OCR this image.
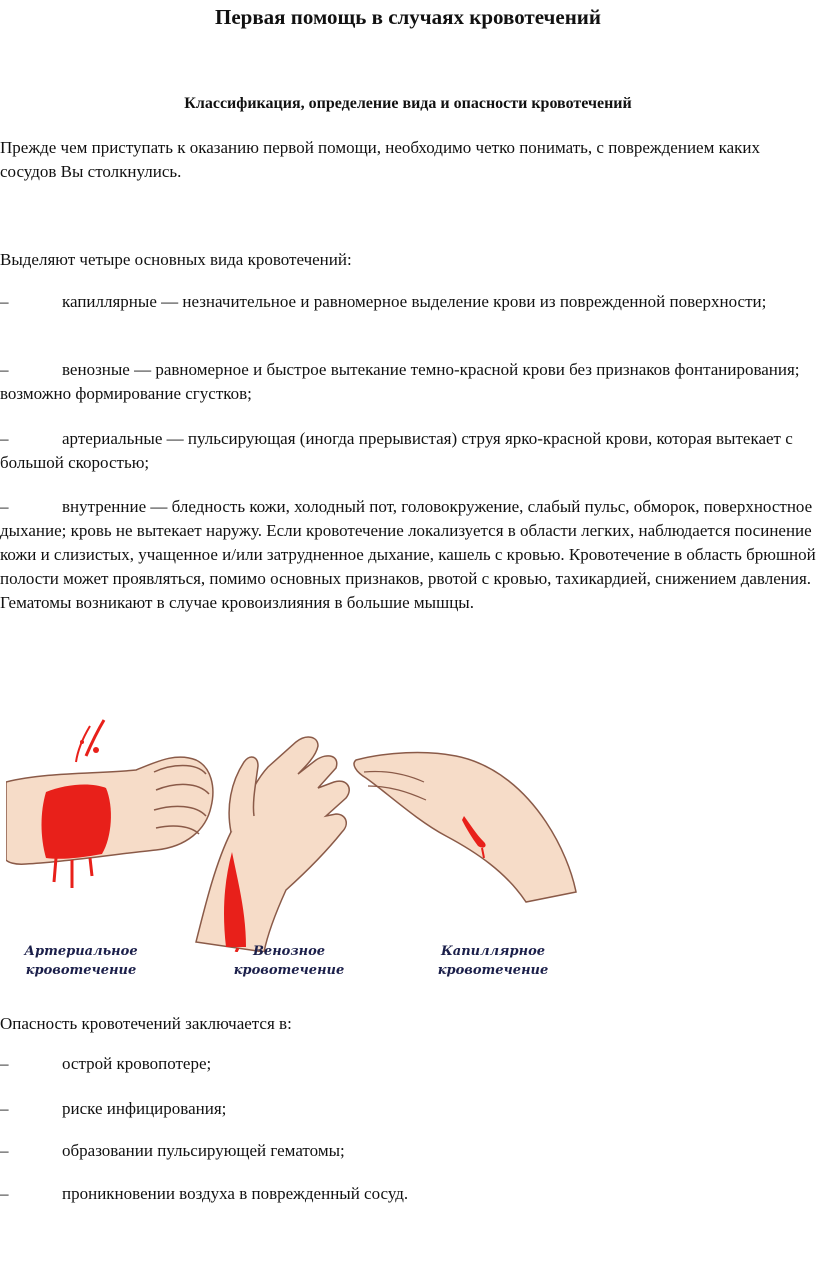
Первая помощь в случаях кровотечений
Классификация, определение вида и опасности кровотечений

Прежде чем приступать к оказанию первой помощи, необходимо четко понимать, с повреждением каких сосудов Вы столкнулись.

Выделяют четыре основных вида кровотечений:

–	капиллярные — незначительное и равномерное выделение крови из поврежденной поверхности;
–	венозные — равномерное и быстрое вытекание темно-красной крови без признаков фонтанирования; возможно формирование сгустков;
–	артериальные — пульсирующая (иногда прерывистая) струя ярко-красной крови, которая вытекает с большой скоростью;
–	внутренние — бледность кожи, холодный пот, головокружение, слабый пульс, обморок, поверхностное дыхание; кровь не вытекает наружу. Если кровотечение локализуется в области легких, наблюдается посинение кожи и слизистых, учащенное и/или затрудненное дыхание, кашель с кровью. Кровотечение в область брюшной полости может проявляться, помимо основных признаков, рвотой с кровью, тахикардией, снижением давления. Гематомы возникают в случае кровоизлияния в большие мышцы.
Артериальное
кровотечение
Венозное
кровотечение
Капиллярное
кровотечение

Опасность кровотечений заключается в:

–	острой кровопотере;
–	риске инфицирования;
–	образовании пульсирующей гематомы;
–	проникновении воздуха в поврежденный сосуд.
